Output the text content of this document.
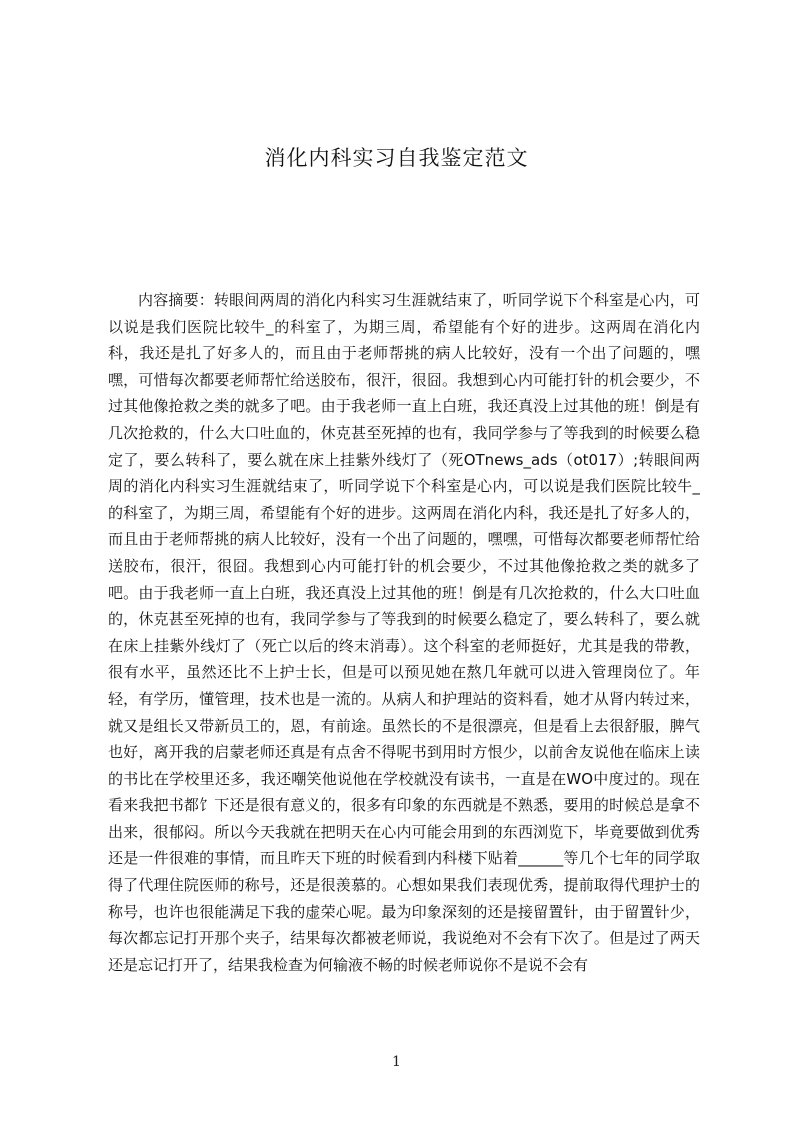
消化内科实习自我鉴定范文

内容摘要：转眼间两周的消化内科实习生涯就结束了，听同学说下个科室是心内，可以说是我们医院比较牛_的科室了，为期三周，希望能有个好的进步。这两周在消化内科，我还是扎了好多人的，而且由于老师帮挑的病人比较好，没有一个出了问题的，嘿嘿，可惜每次都要老师帮忙给送胶布，很汗，很囧。我想到心内可能打针的机会要少，不过其他像抢救之类的就多了吧。由于我老师一直上白班，我还真没上过其他的班！倒是有几次抢救的，什么大口吐血的，休克甚至死掉的也有，我同学参与了等我到的时候要么稳定了，要么转科了，要么就在床上挂紫外线灯了（死OTnews_ads（ot017）;转眼间两周的消化内科实习生涯就结束了，听同学说下个科室是心内，可以说是我们医院比较牛_的科室了，为期三周，希望能有个好的进步。这两周在消化内科，我还是扎了好多人的，而且由于老师帮挑的病人比较好，没有一个出了问题的，嘿嘿，可惜每次都要老师帮忙给送胶布，很汗，很囧。我想到心内可能打针的机会要少，不过其他像抢救之类的就多了吧。由于我老师一直上白班，我还真没上过其他的班！倒是有几次抢救的，什么大口吐血的，休克甚至死掉的也有，我同学参与了等我到的时候要么稳定了，要么转科了，要么就在床上挂紫外线灯了（死亡以后的终末消毒）。这个科室的老师挺好，尤其是我的带教，很有水平，虽然还比不上护士长，但是可以预见她在熬几年就可以进入管理岗位了。年轻，有学历，懂管理，技术也是一流的。从病人和护理站的资料看，她才从肾内转过来，就又是组长又带新员工的，恩，有前途。虽然长的不是很漂亮，但是看上去很舒服，脾气也好，离开我的启蒙老师还真是有点舍不得呢书到用时方恨少，以前舍友说他在临床上读的书比在学校里还多，我还嘲笑他说他在学校就没有读书，一直是在WO中度过的。现在看来我把书都饣下还是很有意义的，很多有印象的东西就是不熟悉，要用的时候总是拿不出来，很郁闷。所以今天我就在把明天在心内可能会用到的东西浏览下，毕竟要做到优秀还是一件很难的事情，而且昨天下班的时候看到内科楼下贴着______等几个七年的同学取得了代理住院医师的称号，还是很羡慕的。心想如果我们表现优秀，提前取得代理护士的称号，也许也很能满足下我的虚荣心呢。最为印象深刻的还是接留置针，由于留置针少，每次都忘记打开那个夹子，结果每次都被老师说，我说绝对不会有下次了。但是过了两天还是忘记打开了，结果我检查为何输液不畅的时候老师说你不是说不会有

1
